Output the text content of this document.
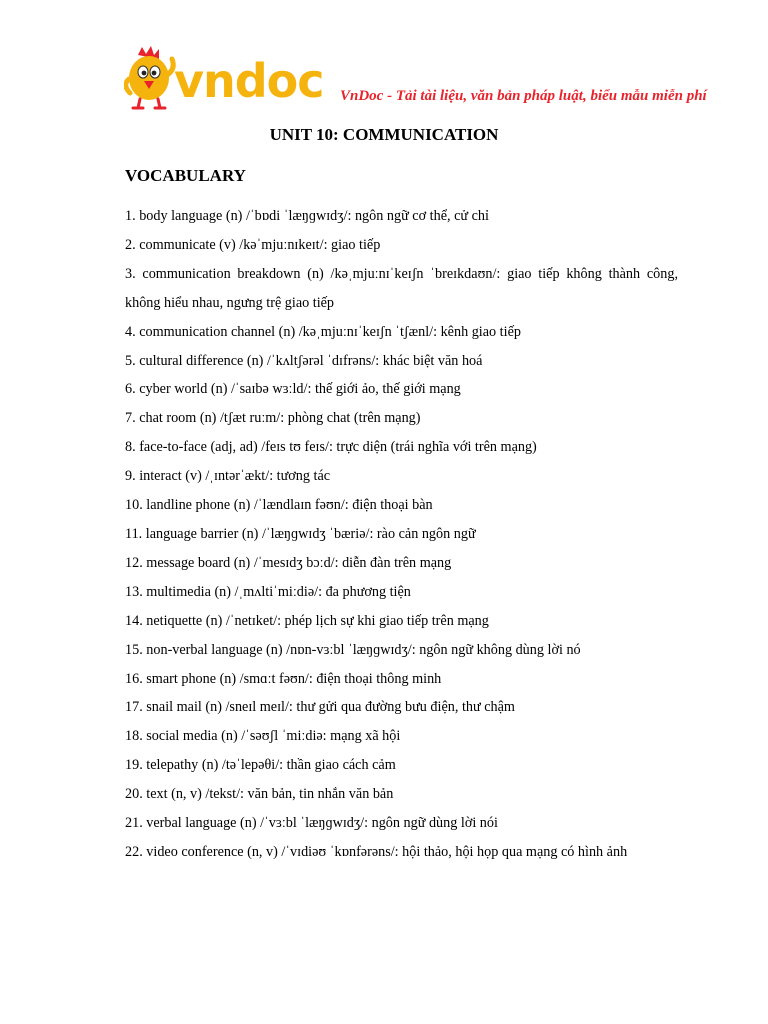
vndoc VnDoc - Tải tài liệu, văn bản pháp luật, biểu mẫu miễn phí
UNIT 10: COMMUNICATION
VOCABULARY
1. body language (n) /ˈbɒdi ˈlæŋɡwɪdʒ/: ngôn ngữ cơ thể, cử chỉ
2. communicate (v) /kəˈmjuːnɪkeɪt/: giao tiếp
3. communication breakdown (n) /kəˌmjuːnɪˈkeɪʃn ˈbreɪkdaʊn/: giao tiếp không thành công, không hiểu nhau, ngưng trệ giao tiếp
4. communication channel (n) /kəˌmjuːnɪˈkeɪʃn ˈtʃænl/: kênh giao tiếp
5. cultural difference (n) /ˈkʌltʃərəl ˈdɪfrəns/: khác biệt văn hoá
6. cyber world (n) /ˈsaɪbə wɜːld/: thế giới ảo, thế giới mạng
7. chat room (n) /tʃæt ruːm/: phòng chat (trên mạng)
8. face-to-face (adj, ad) /feɪs tʊ feɪs/: trực diện (trái nghĩa với trên mạng)
9. interact (v) /ˌɪntərˈækt/: tương tác
10. landline phone (n) /ˈlændlaɪn fəʊn/: điện thoại bàn
11. language barrier (n) /ˈlæŋɡwɪdʒ ˈbæriə/: rào cản ngôn ngữ
12. message board (n) /ˈmesɪdʒ bɔːd/: diễn đàn trên mạng
13. multimedia (n) /ˌmʌltiˈmiːdiə/: đa phương tiện
14. netiquette (n) /ˈnetɪket/: phép lịch sự khi giao tiếp trên mạng
15. non-verbal language (n) /nɒn-vɜːbl ˈlæŋɡwɪdʒ/: ngôn ngữ không dùng lời nó
16. smart phone (n) /smɑːt fəʊn/: điện thoại thông minh
17. snail mail (n) /sneɪl meɪl/: thư gửi qua đường bưu điện, thư chậm
18. social media (n) /ˈsəʊʃl ˈmiːdiə: mạng xã hội
19. telepathy (n) /təˈlepəθi/: thần giao cách cảm
20. text (n, v) /tekst/: văn bản, tin nhắn văn bản
21. verbal language (n) /ˈvɜːbl ˈlæŋɡwɪdʒ/: ngôn ngữ dùng lời nói
22. video conference (n, v) /ˈvɪdiəʊ ˈkɒnfərəns/: hội thảo, hội họp qua mạng có hình ảnh
